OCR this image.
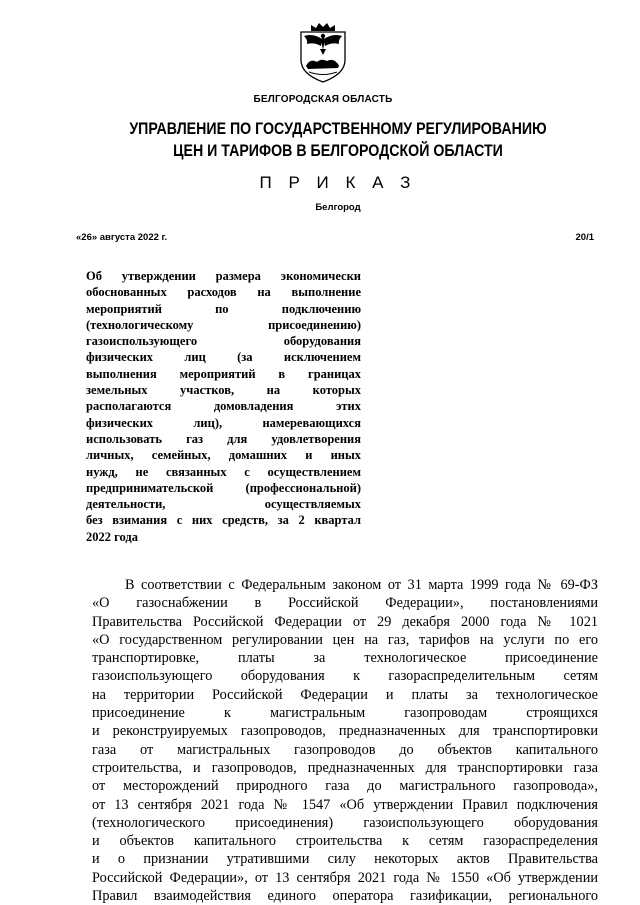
БЕЛГОРОДСКАЯ ОБЛАСТЬ
УПРАВЛЕНИЕ ПО ГОСУДАРСТВЕННОМУ РЕГУЛИРОВАНИЮ
ЦЕН И ТАРИФОВ В БЕЛГОРОДСКОЙ ОБЛАСТИ
П Р И К А З
Белгород
«26» августа 2022 г.	20/1
Об утверждении размера экономически
обоснованных расходов на выполнение
мероприятий по подключению
(технологическому присоединению)
газоиспользующего оборудования
физических лиц (за исключением
выполнения мероприятий в границах
земельных участков, на которых
располагаются домовладения этих
физических лиц), намеревающихся
использовать газ для удовлетворения
личных, семейных, домашних и иных
нужд, не связанных с осуществлением
предпринимательской (профессиональной)
деятельности, осуществляемых
без взимания с них средств, за 2 квартал
2022 года
В соответствии с Федеральным законом от 31 марта 1999 года № 69-ФЗ
«О газоснабжении в Российской Федерации», постановлениями
Правительства Российской Федерации от 29 декабря 2000 года № 1021
«О государственном регулировании цен на газ, тарифов на услуги по его
транспортировке, платы за технологическое присоединение
газоиспользующего оборудования к газораспределительным сетям
на территории Российской Федерации и платы за технологическое
присоединение к магистральным газопроводам строящихся
и реконструируемых газопроводов, предназначенных для транспортировки
газа от магистральных газопроводов до объектов капитального
строительства, и газопроводов, предназначенных для транспортировки газа
от месторождений природного газа до магистрального газопровода»,
от 13 сентября 2021 года № 1547 «Об утверждении Правил подключения
(технологического присоединения) газоиспользующего оборудования
и объектов капитального строительства к сетям газораспределения
и о признании утратившими силу некоторых актов Правительства
Российской Федерации», от 13 сентября 2021 года № 1550 «Об утверждении
Правил взаимодействия единого оператора газификации, регионального
